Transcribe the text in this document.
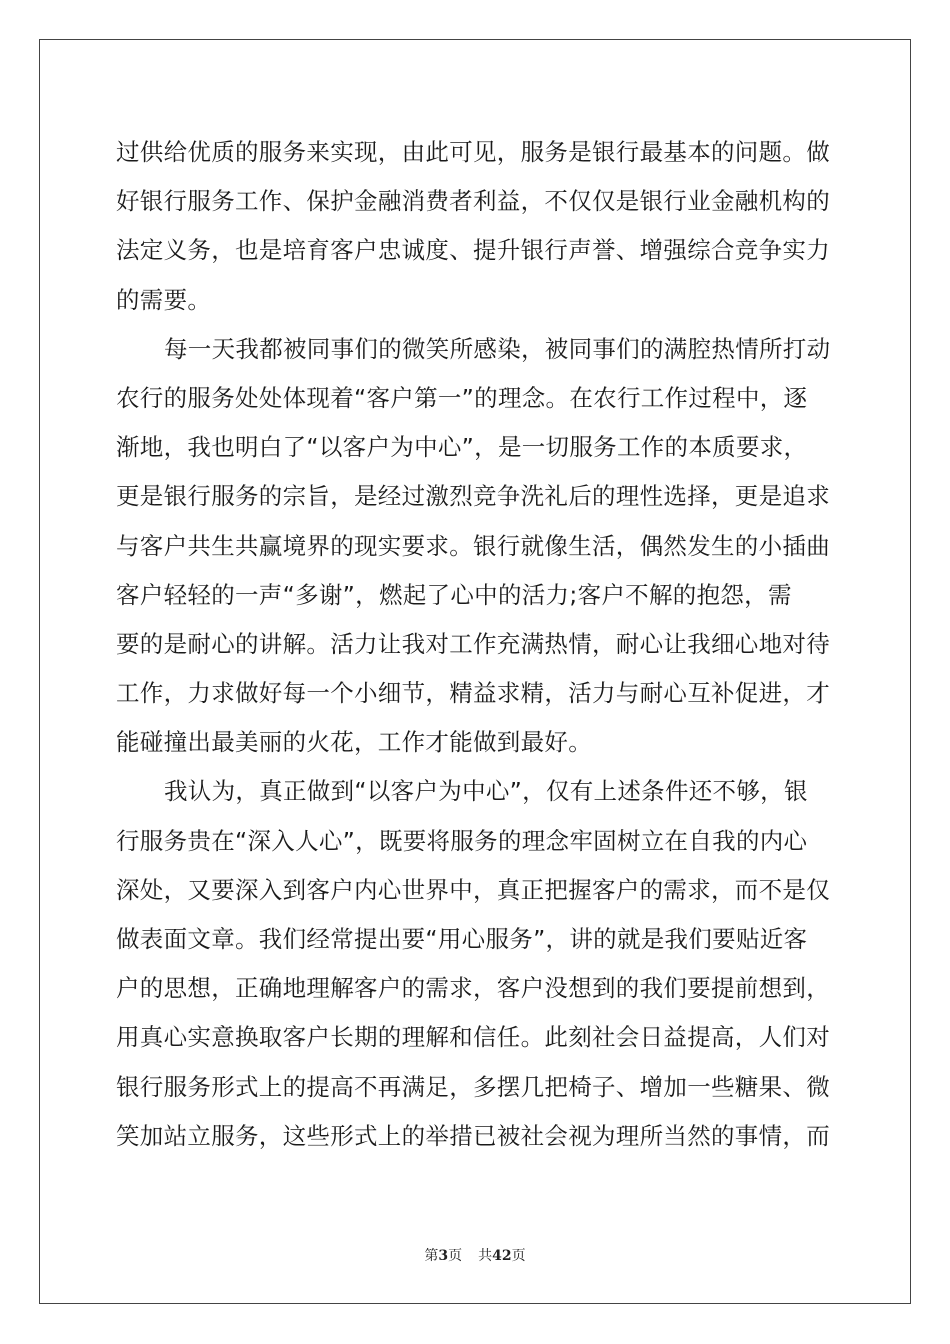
过供给优质的服务来实现，由此可见，服务是银行最基本的问题。做
好银行服务工作、保护金融消费者利益，不仅仅是银行业金融机构的
法定义务，也是培育客户忠诚度、提升银行声誉、增强综合竞争实力
的需要。
每一天我都被同事们的微笑所感染，被同事们的满腔热情所打动
农行的服务处处体现着“客户第一”的理念。在农行工作过程中，逐
渐地，我也明白了“以客户为中心”，是一切服务工作的本质要求，
更是银行服务的宗旨，是经过激烈竞争洗礼后的理性选择，更是追求
与客户共生共赢境界的现实要求。银行就像生活，偶然发生的小插曲
客户轻轻的一声“多谢”，燃起了心中的活力;客户不解的抱怨，需
要的是耐心的讲解。活力让我对工作充满热情，耐心让我细心地对待
工作，力求做好每一个小细节，精益求精，活力与耐心互补促进，才
能碰撞出最美丽的火花，工作才能做到最好。
我认为，真正做到“以客户为中心”，仅有上述条件还不够，银
行服务贵在“深入人心”，既要将服务的理念牢固树立在自我的内心
深处，又要深入到客户内心世界中，真正把握客户的需求，而不是仅
做表面文章。我们经常提出要“用心服务”，讲的就是我们要贴近客
户的思想，正确地理解客户的需求，客户没想到的我们要提前想到，
用真心实意换取客户长期的理解和信任。此刻社会日益提高，人们对
银行服务形式上的提高不再满足，多摆几把椅子、增加一些糖果、微
笑加站立服务，这些形式上的举措已被社会视为理所当然的事情，而
第3页 共42页
